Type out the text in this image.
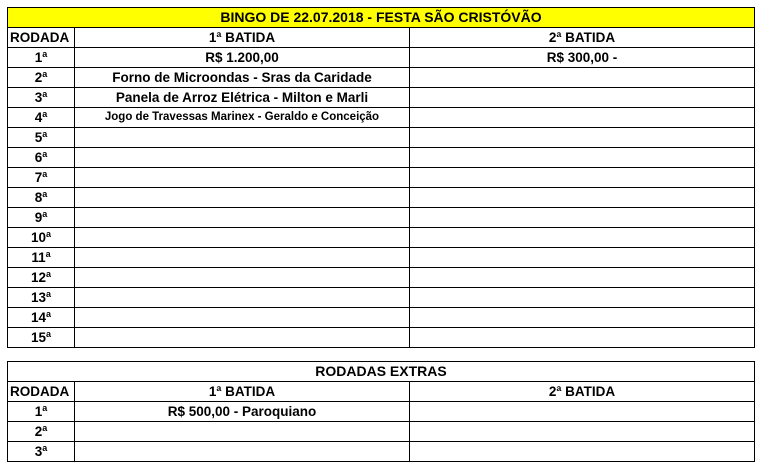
BINGO DE 22.07.2018 - FESTA SÃO CRISTÓVÃO		
RODADA	1ª BATIDA	2ª BATIDA
1$^a$	R$ 1.200,00	R$ 300,00 -
2$^a$	Forno de Microondas - Sras da Caridade	
3$^a$	Panela de Arroz Elétrica - Milton e Marli	
4$^a$	Jogo de Travessas Marinex - Geraldo e Conceição	
5$^a$		
6$^a$		
7$^a$		
8$^a$		
9$^a$		
10$^a$		
11$^a$		
12$^a$		
13$^a$		
14$^a$		
15$^a$		
RODADAS EXTRAS		
RODADA	1ª BATIDA	2ª BATIDA
1$^a$	R$ 500,00 - Paroquiano	
2$^a$		
3$^a$		
